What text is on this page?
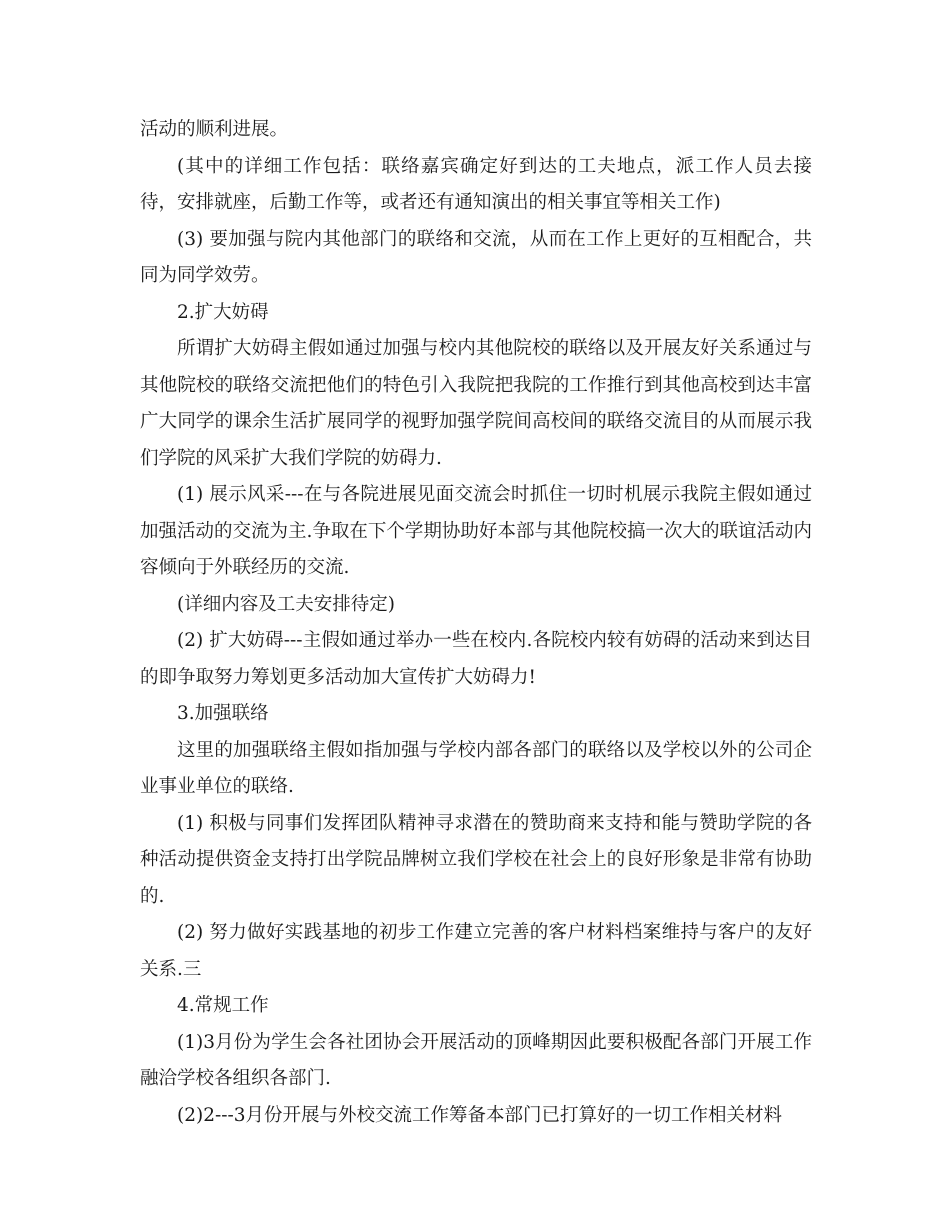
活动的顺利进展。

(其中的详细工作包括：联络嘉宾确定好到达的工夫地点，派工作人员去接待，安排就座，后勤工作等，或者还有通知演出的相关事宜等相关工作)

(3) 要加强与院内其他部门的联络和交流，从而在工作上更好的互相配合，共同为同学效劳。

2.扩大妨碍

所谓扩大妨碍主假如通过加强与校内其他院校的联络以及开展友好关系通过与其他院校的联络交流把他们的特色引入我院把我院的工作推行到其他高校到达丰富广大同学的课余生活扩展同学的视野加强学院间高校间的联络交流目的从而展示我们学院的风采扩大我们学院的妨碍力.

(1) 展示风采---在与各院进展见面交流会时抓住一切时机展示我院主假如通过加强活动的交流为主.争取在下个学期协助好本部与其他院校搞一次大的联谊活动内容倾向于外联经历的交流.

(详细内容及工夫安排待定)

(2) 扩大妨碍---主假如通过举办一些在校内.各院校内较有妨碍的活动来到达目的即争取努力筹划更多活动加大宣传扩大妨碍力!

3.加强联络

这里的加强联络主假如指加强与学校内部各部门的联络以及学校以外的公司企业事业单位的联络.

(1) 积极与同事们发挥团队精神寻求潜在的赞助商来支持和能与赞助学院的各种活动提供资金支持打出学院品牌树立我们学校在社会上的良好形象是非常有协助的.

(2) 努力做好实践基地的初步工作建立完善的客户材料档案维持与客户的友好关系.三

4.常规工作

(1)3月份为学生会各社团协会开展活动的顶峰期因此要积极配各部门开展工作融洽学校各组织各部门.

(2)2---3月份开展与外校交流工作筹备本部门已打算好的一切工作相关材料
